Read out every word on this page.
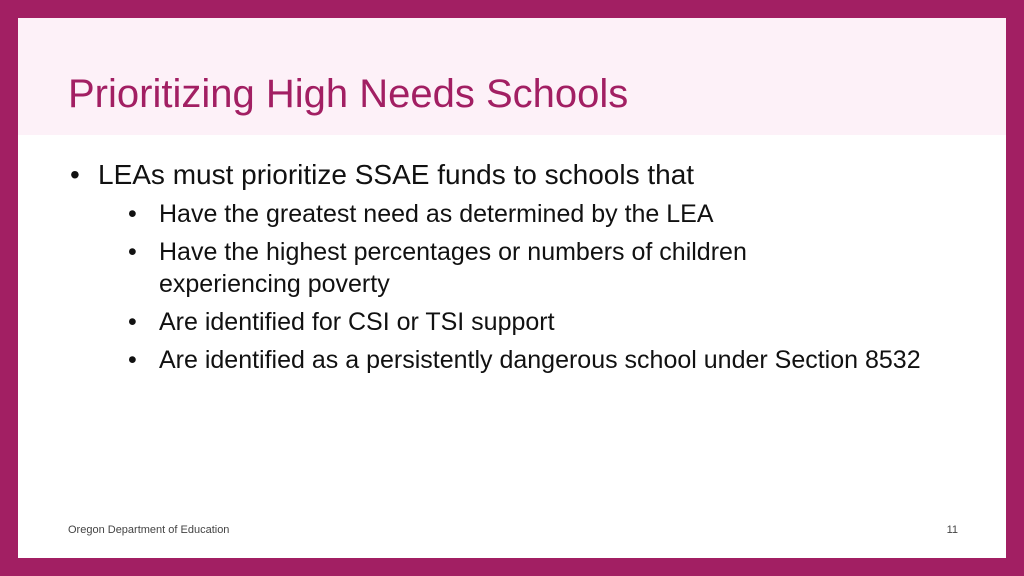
Prioritizing High Needs Schools
• LEAs must prioritize SSAE funds to schools that
• Have the greatest need as determined by the LEA
• Have the highest percentages or numbers of children experiencing poverty
• Are identified for CSI or TSI support
• Are identified as a persistently dangerous school under Section 8532
Oregon Department of Education	11
